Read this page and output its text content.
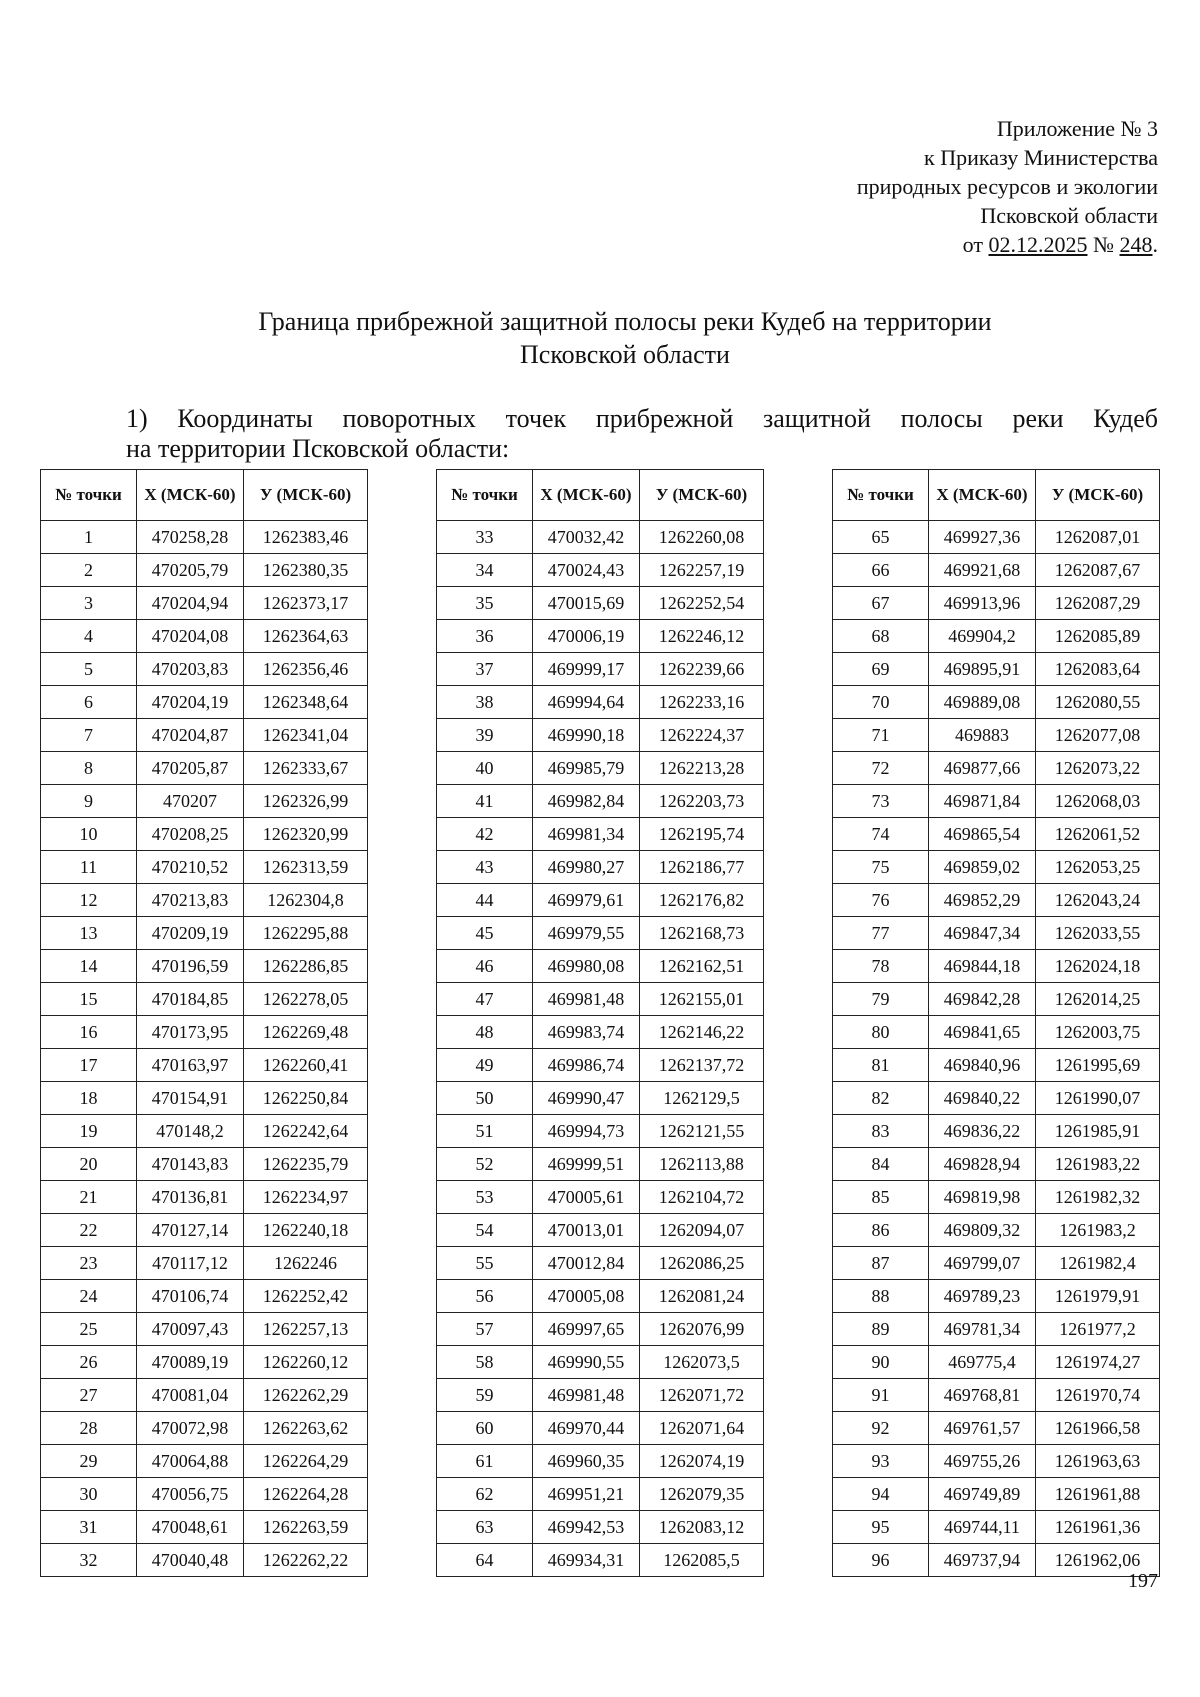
Приложение № 3
к Приказу Министерства
природных ресурсов и экологии
Псковской области
от 02.12.2025 № 248.
Граница прибрежной защитной полосы реки Кудеб на территории
Псковской области
1) Координаты поворотных точек прибрежной защитной полосы реки Кудеб
на территории Псковской области:
№ точки	Х (МСК-60)	У (МСК-60)
1	470258,28	1262383,46
2	470205,79	1262380,35
3	470204,94	1262373,17
4	470204,08	1262364,63
5	470203,83	1262356,46
6	470204,19	1262348,64
7	470204,87	1262341,04
8	470205,87	1262333,67
9	470207	1262326,99
10	470208,25	1262320,99
11	470210,52	1262313,59
12	470213,83	1262304,8
13	470209,19	1262295,88
14	470196,59	1262286,85
15	470184,85	1262278,05
16	470173,95	1262269,48
17	470163,97	1262260,41
18	470154,91	1262250,84
19	470148,2	1262242,64
20	470143,83	1262235,79
21	470136,81	1262234,97
22	470127,14	1262240,18
23	470117,12	1262246
24	470106,74	1262252,42
25	470097,43	1262257,13
26	470089,19	1262260,12
27	470081,04	1262262,29
28	470072,98	1262263,62
29	470064,88	1262264,29
30	470056,75	1262264,28
31	470048,61	1262263,59
32	470040,48	1262262,22
№ точки	Х (МСК-60)	У (МСК-60)
33	470032,42	1262260,08
34	470024,43	1262257,19
35	470015,69	1262252,54
36	470006,19	1262246,12
37	469999,17	1262239,66
38	469994,64	1262233,16
39	469990,18	1262224,37
40	469985,79	1262213,28
41	469982,84	1262203,73
42	469981,34	1262195,74
43	469980,27	1262186,77
44	469979,61	1262176,82
45	469979,55	1262168,73
46	469980,08	1262162,51
47	469981,48	1262155,01
48	469983,74	1262146,22
49	469986,74	1262137,72
50	469990,47	1262129,5
51	469994,73	1262121,55
52	469999,51	1262113,88
53	470005,61	1262104,72
54	470013,01	1262094,07
55	470012,84	1262086,25
56	470005,08	1262081,24
57	469997,65	1262076,99
58	469990,55	1262073,5
59	469981,48	1262071,72
60	469970,44	1262071,64
61	469960,35	1262074,19
62	469951,21	1262079,35
63	469942,53	1262083,12
64	469934,31	1262085,5
№ точки	Х (МСК-60)	У (МСК-60)
65	469927,36	1262087,01
66	469921,68	1262087,67
67	469913,96	1262087,29
68	469904,2	1262085,89
69	469895,91	1262083,64
70	469889,08	1262080,55
71	469883	1262077,08
72	469877,66	1262073,22
73	469871,84	1262068,03
74	469865,54	1262061,52
75	469859,02	1262053,25
76	469852,29	1262043,24
77	469847,34	1262033,55
78	469844,18	1262024,18
79	469842,28	1262014,25
80	469841,65	1262003,75
81	469840,96	1261995,69
82	469840,22	1261990,07
83	469836,22	1261985,91
84	469828,94	1261983,22
85	469819,98	1261982,32
86	469809,32	1261983,2
87	469799,07	1261982,4
88	469789,23	1261979,91
89	469781,34	1261977,2
90	469775,4	1261974,27
91	469768,81	1261970,74
92	469761,57	1261966,58
93	469755,26	1261963,63
94	469749,89	1261961,88
95	469744,11	1261961,36
96	469737,94	1261962,06
197
